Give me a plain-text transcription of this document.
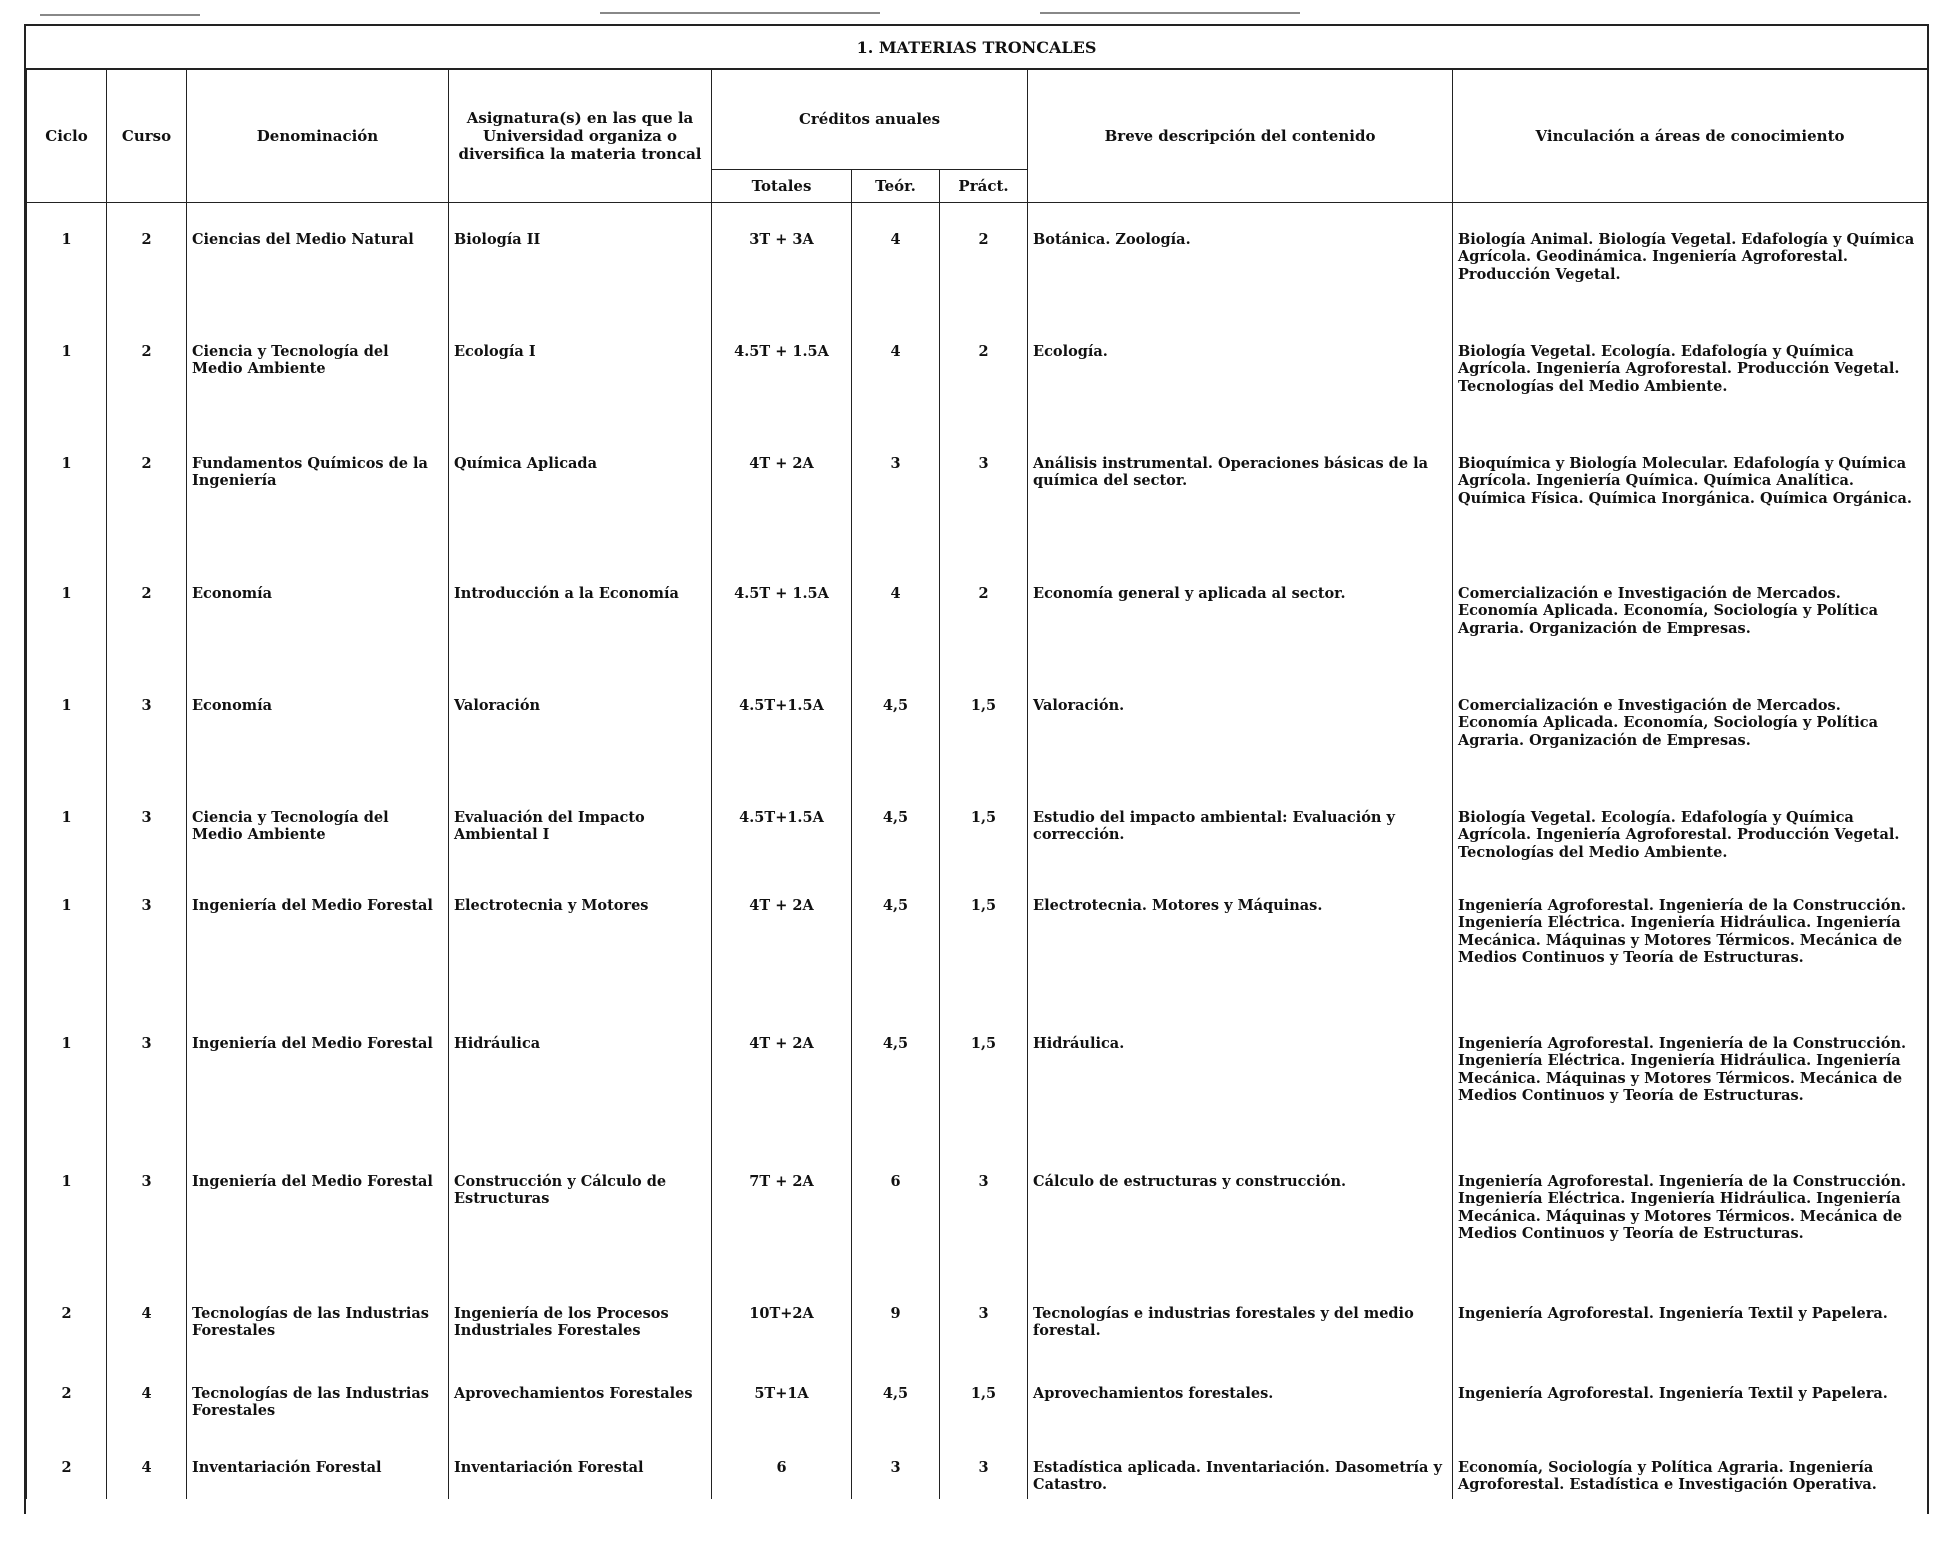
1. MATERIAS TRONCALES
Ciclo	Curso	Denominación	Asignatura(s) en las que la Universidad organiza o diversifica la materia troncal	Créditos anuales			Breve descripción del contenido	Vinculación a áreas de conocimiento
				Totales	Teór.	Práct.		

1	2	Ciencias del Medio Natural	Biología II	3T + 3A	4	2	Botánica. Zoología.	Biología Animal. Biología Vegetal. Edafología y Química Agrícola. Geodinámica. Ingeniería Agroforestal. Producción Vegetal.
1	2	Ciencia y Tecnología del Medio Ambiente	Ecología I	4.5T + 1.5A	4	2	Ecología.	Biología Vegetal. Ecología. Edafología y Química Agrícola. Ingeniería Agroforestal. Producción Vegetal. Tecnologías del Medio Ambiente.
1	2	Fundamentos Químicos de la Ingeniería	Química Aplicada	4T + 2A	3	3	Análisis instrumental. Operaciones básicas de la química del sector.	Bioquímica y Biología Molecular. Edafología y Química Agrícola. Ingeniería Química. Química Analítica. Química Física. Química Inorgánica. Química Orgánica.
1	2	Economía	Introducción a la Economía	4.5T + 1.5A	4	2	Economía general y aplicada al sector.	Comercialización e Investigación de Mercados. Economía Aplicada. Economía, Sociología y Política Agraria. Organización de Empresas.
1	3	Economía	Valoración	4.5T+1.5A	4,5	1,5	Valoración.	Comercialización e Investigación de Mercados. Economía Aplicada. Economía, Sociología y Política Agraria. Organización de Empresas.
1	3	Ciencia y Tecnología del Medio Ambiente	Evaluación del Impacto Ambiental I	4.5T+1.5A	4,5	1,5	Estudio del impacto ambiental: Evaluación y corrección.	Biología Vegetal. Ecología. Edafología y Química Agrícola. Ingeniería Agroforestal. Producción Vegetal. Tecnologías del Medio Ambiente.
1	3	Ingeniería del Medio Forestal	Electrotecnia y Motores	4T + 2A	4,5	1,5	Electrotecnia. Motores y Máquinas.	Ingeniería Agroforestal. Ingeniería de la Construcción. Ingeniería Eléctrica. Ingeniería Hidráulica. Ingeniería Mecánica. Máquinas y Motores Térmicos. Mecánica de Medios Continuos y Teoría de Estructuras.
1	3	Ingeniería del Medio Forestal	Hidráulica	4T + 2A	4,5	1,5	Hidráulica.	Ingeniería Agroforestal. Ingeniería de la Construcción. Ingeniería Eléctrica. Ingeniería Hidráulica. Ingeniería Mecánica. Máquinas y Motores Térmicos. Mecánica de Medios Continuos y Teoría de Estructuras.
1	3	Ingeniería del Medio Forestal	Construcción y Cálculo de Estructuras	7T + 2A	6	3	Cálculo de estructuras y construcción.	Ingeniería Agroforestal. Ingeniería de la Construcción. Ingeniería Eléctrica. Ingeniería Hidráulica. Ingeniería Mecánica. Máquinas y Motores Térmicos. Mecánica de Medios Continuos y Teoría de Estructuras.
2	4	Tecnologías de las Industrias Forestales	Ingeniería de los Procesos Industriales Forestales	10T+2A	9	3	Tecnologías e industrias forestales y del medio forestal.	Ingeniería Agroforestal. Ingeniería Textil y Papelera.
2	4	Tecnologías de las Industrias Forestales	Aprovechamientos Forestales	5T+1A	4,5	1,5	Aprovechamientos forestales.	Ingeniería Agroforestal. Ingeniería Textil y Papelera.
2	4	Inventariación Forestal	Inventariación Forestal	6	3	3	Estadística aplicada. Inventariación. Dasometría y Catastro.	Economía, Sociología y Política Agraria. Ingeniería Agroforestal. Estadística e Investigación Operativa.
